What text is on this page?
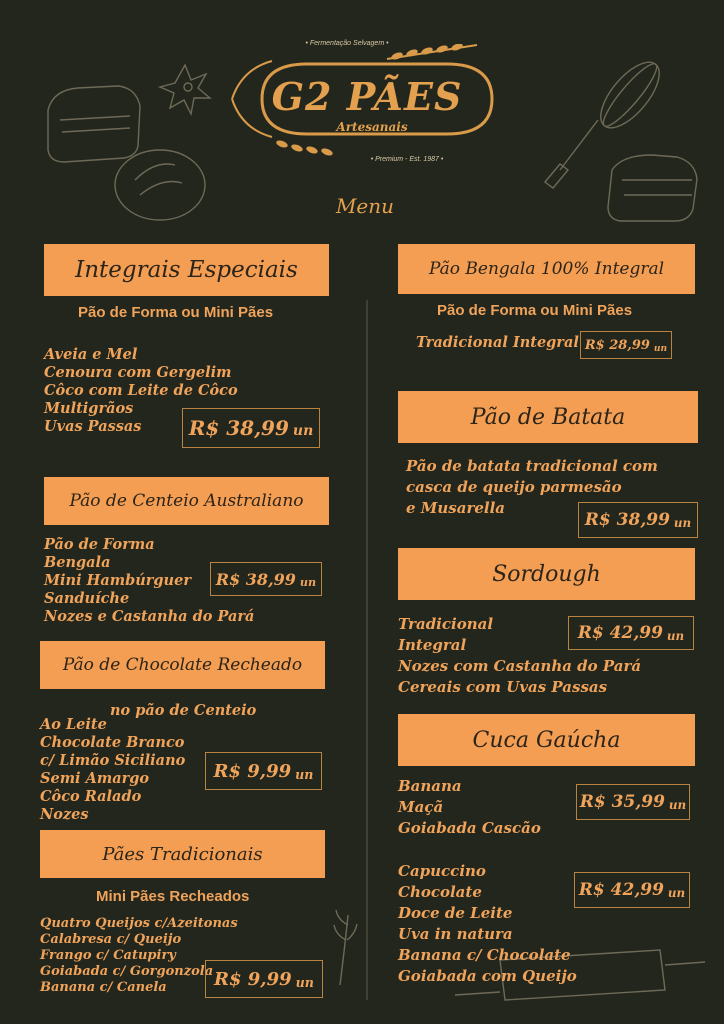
• Fermentação Selvagem •
G2 PÃES
Artesanais
• Premium - Est. 1987 •
Menu
Integrais Especiais
Pão de Forma ou Mini Pães
Aveia e Mel
Cenoura com Gergelim
Côco com Leite de Côco
Multigrãos
Uvas Passas	R$ 38,99 un
Pão de Centeio Australiano
Pão de Forma
Bengala
Mini Hambúrguer
Sanduíche
Nozes e Castanha do Pará
R$ 38,99 un
Pão de Chocolate Recheado
no pão de Centeio
Ao Leite
Chocolate Branco
c/ Limão Siciliano
Semi Amargo
Côco Ralado
Nozes
R$ 9,99 un
Pães Tradicionais
Mini Pães Recheados
Quatro Queijos c/Azeitonas
Calabresa c/ Queijo
Frango c/ Catupiry
Goiabada c/ Gorgonzola
Banana c/ Canela	R$ 9,99 un
Pão Bengala 100% Integral
Pão de Forma ou Mini Pães
Tradicional Integral R$ 28,99 un
Pão de Batata
Pão de batata tradicional com
casca de queijo parmesão
e Musarella
R$ 38,99 un
Sordough
Tradicional
Integral
Nozes com Castanha do Pará
Cereais com Uvas Passas
R$ 42,99 un
Cuca Gaúcha
Banana
Maçã
Goiabada Cascão
R$ 35,99 un
Capuccino
Chocolate
Doce de Leite
Uva in natura
Banana c/ Chocolate
Goiabada com Queijo
R$ 42,99 un
